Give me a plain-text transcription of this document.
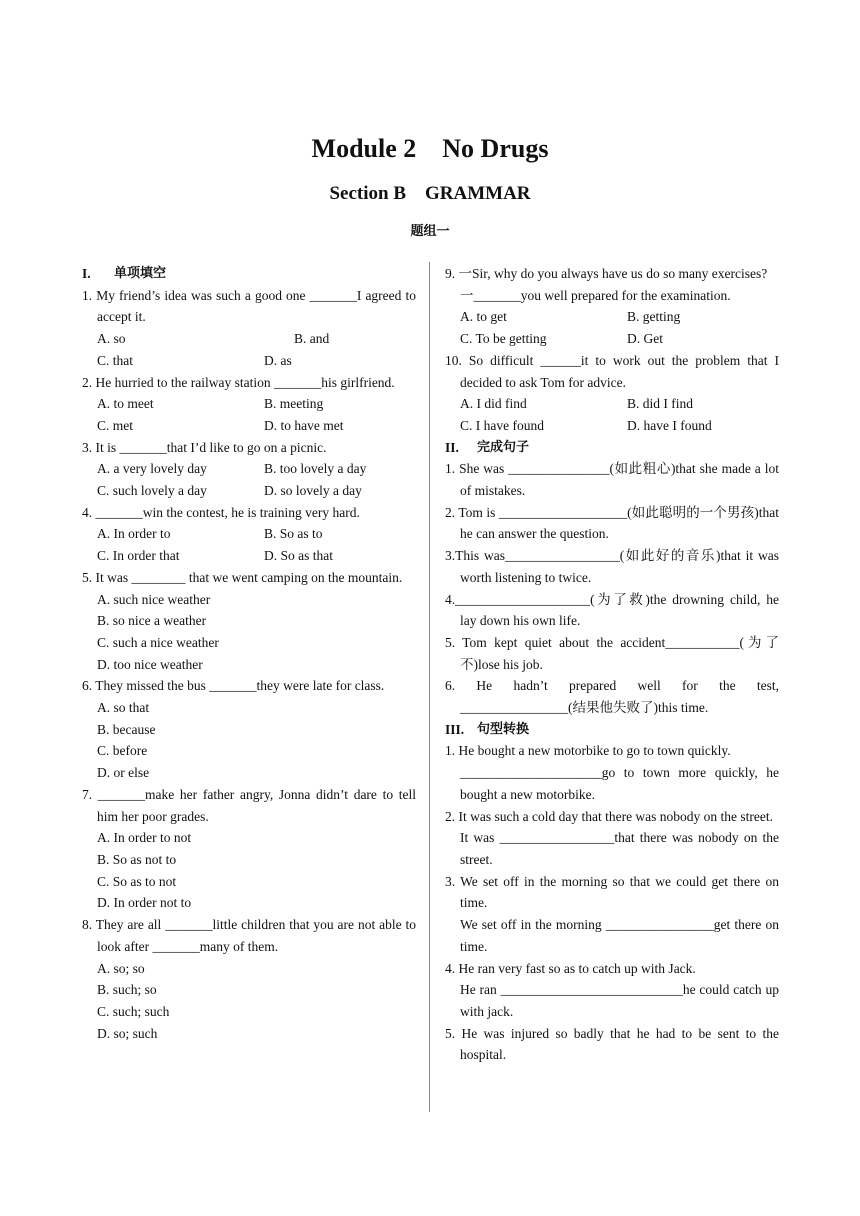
Module 2    No Drugs
Section B    GRAMMAR
题组一
I.	单项填空
1. My friend’s idea was such a good one _______I agreed to accept it.
A. so	B. and
C. that	D. as
2. He hurried to the railway station _______his girlfriend.
A. to meet	B. meeting
C. met	D. to have met
3. It is _______that I’d like to go on a picnic.
A. a very lovely day	B. too lovely a day
C. such lovely a day	D. so lovely a day
4. _______win the contest, he is training very hard.
A. In order to	B. So as to
C. In order that	D. So as that
5. It was ________ that we went camping on the mountain.
A. such nice weather
B. so nice a weather
C. such a nice weather
D. too nice weather
6. They missed the bus _______they were late for class.
A. so that
B. because
C. before
D. or else
7. _______make her father angry, Jonna didn’t dare to tell him her poor grades.
A. In order to not
B. So as not to
C. So as to not
D. In order not to
8. They are all _______little children that you are not able to look after _______many of them.
A. so; so
B. such; so
C. such; such
D. so; such
9. 一Sir, why do you always have us do so many exercises?
一_______you well prepared for the examination.
A. to get	B. getting
C. To be getting	D. Get
10. So difficult ______it to work out the problem that I decided to ask Tom for advice.
A. I did find	B. did I find
C. I have found	D. have I found
II.	完成句子
1. She was _______________(如此粗心)that she made a lot of mistakes.
2. Tom is ___________________(如此聪明的一个男孩)that he can answer the question.
3.This was_________________(如此好的音乐)that it was worth listening to twice.
4.____________________(为了救)the drowning child, he lay down his own life.
5. Tom kept quiet about the accident___________(为了不)lose his job.
6. He hadn’t prepared well for the test, ________________(结果他失败了)this time.
III. 句型转换
1. He bought a new motorbike to go to town quickly.
_____________________go to town more quickly, he bought a new motorbike.
2. It was such a cold day that there was nobody on the street.
It was _________________that there was nobody on the street.
3. We set off in the morning so that we could get there on time.
We set off in the morning ________________get there on time.
4. He ran very fast so as to catch up with Jack.
He ran ___________________________he could catch up with jack.
5. He was injured so badly that he had to be sent to the hospital.
